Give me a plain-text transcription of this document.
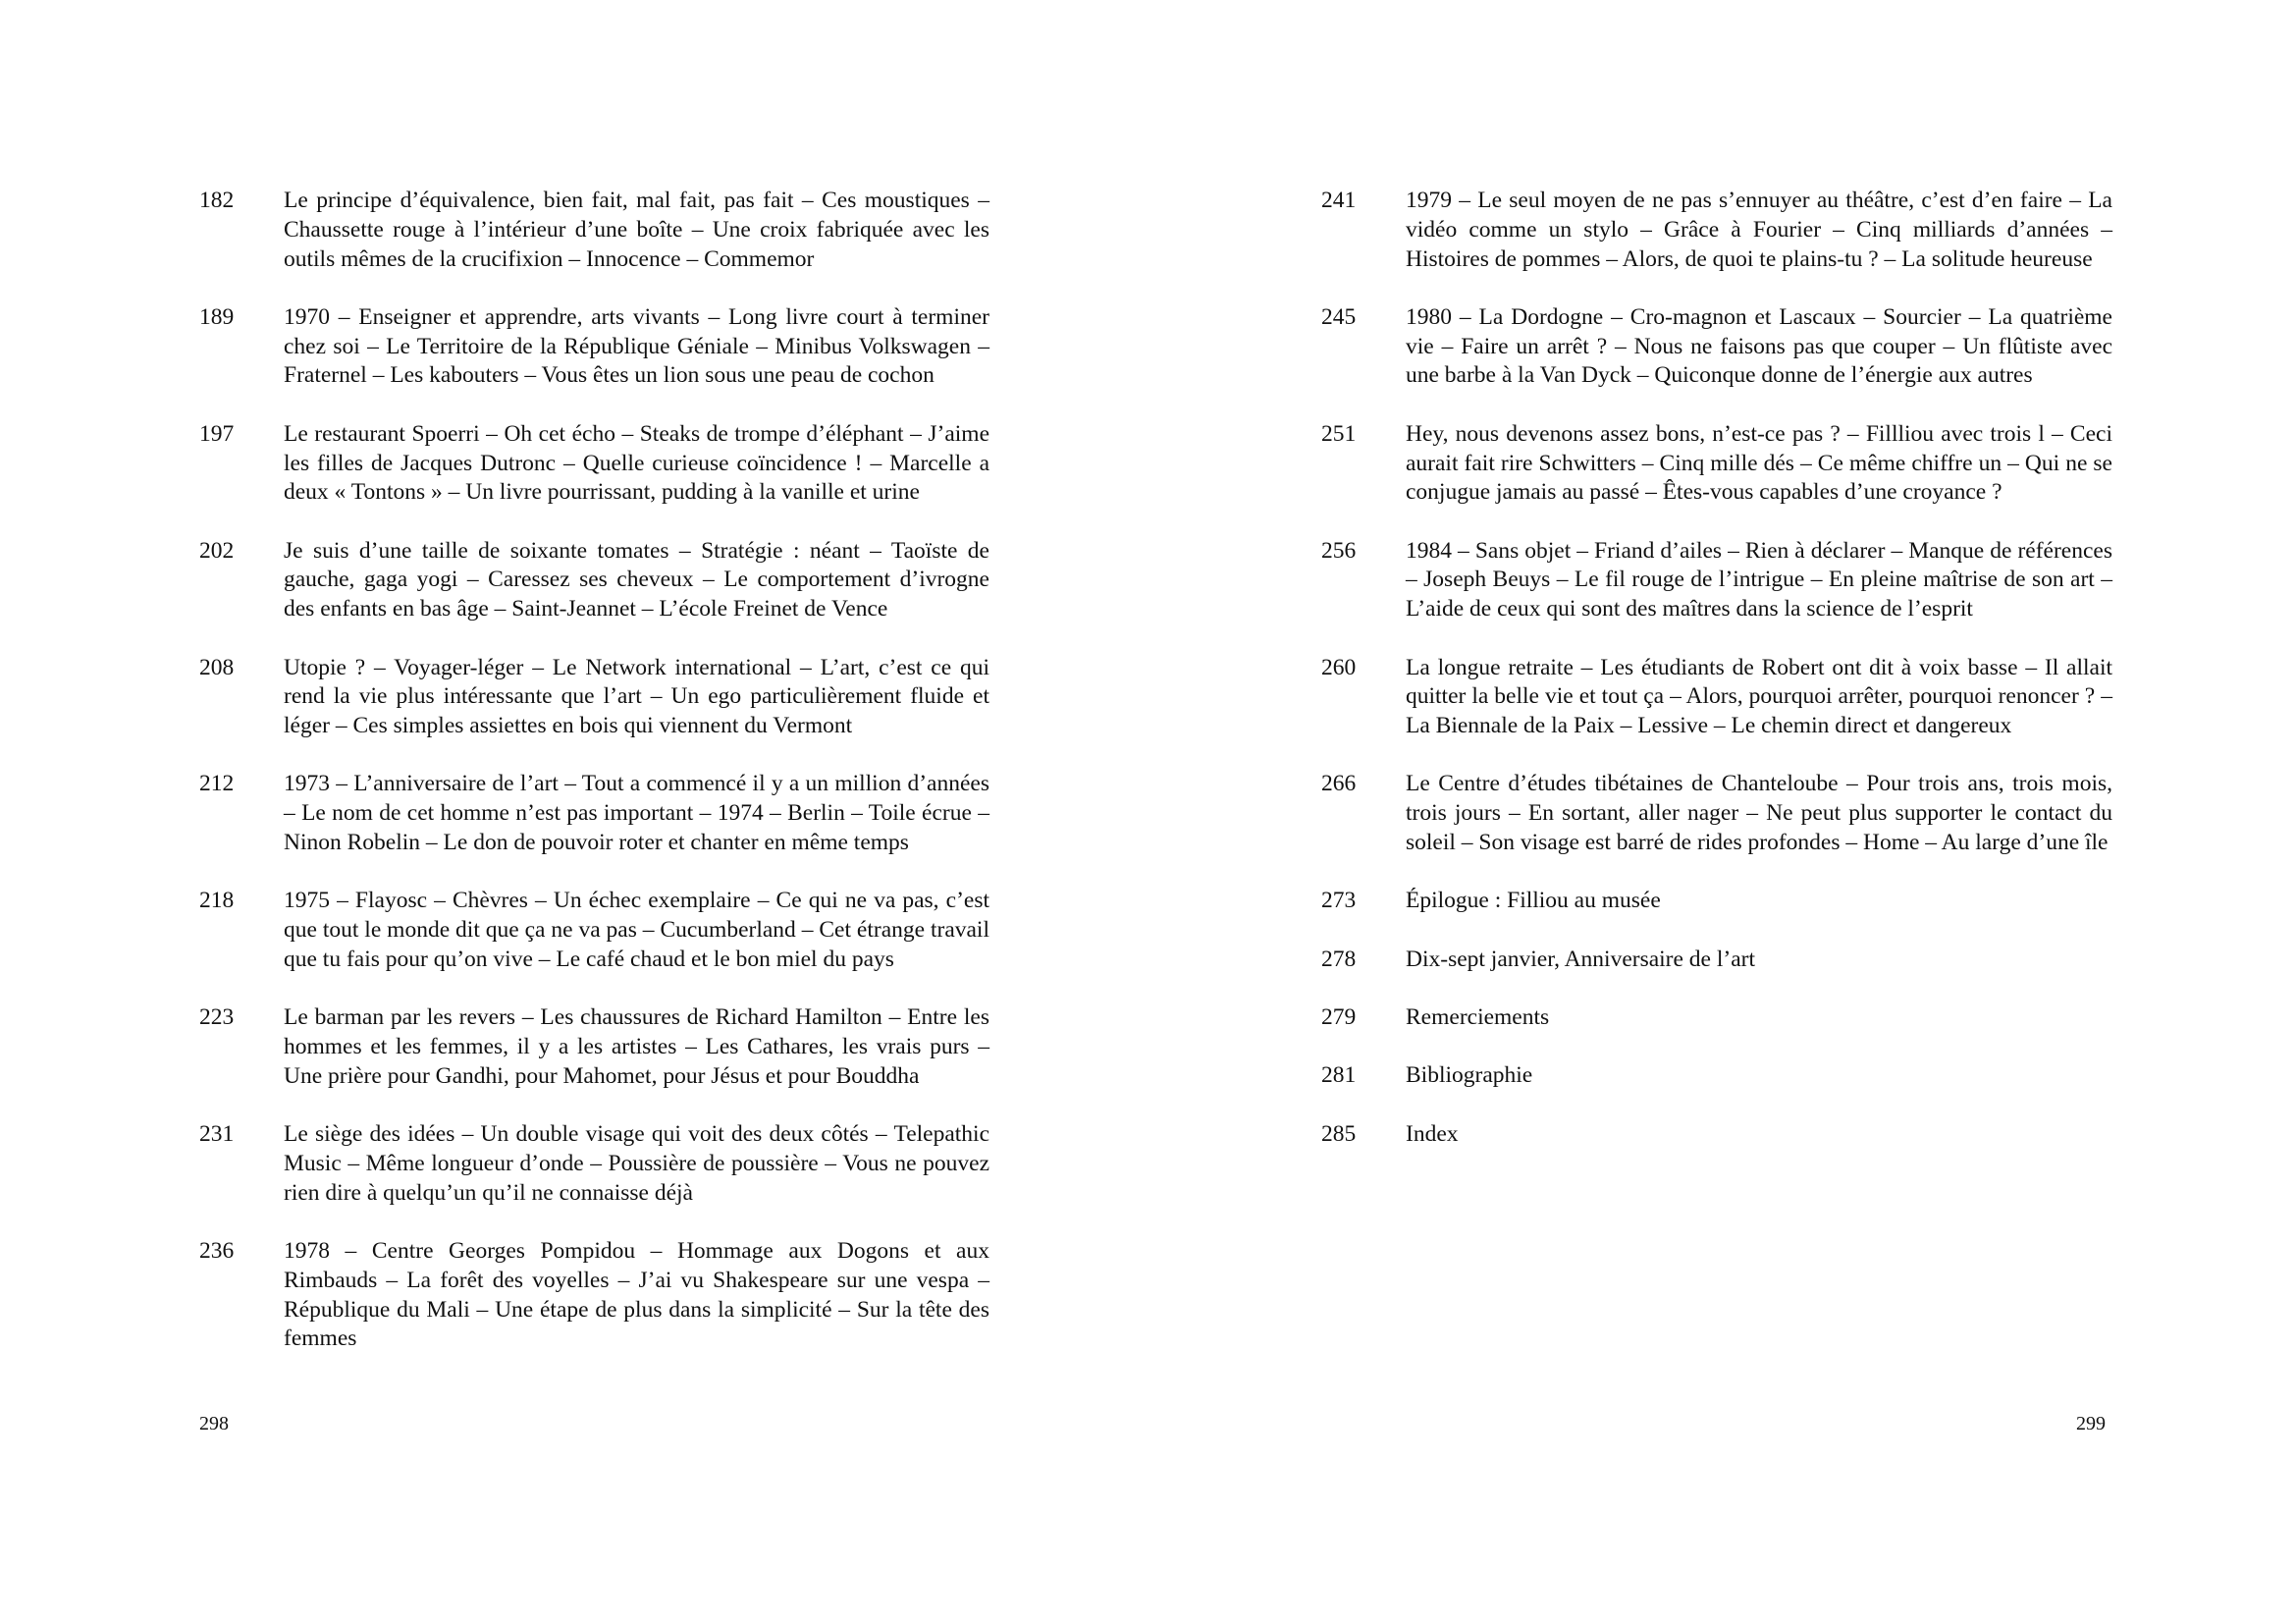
182	Le principe d’équivalence, bien fait, mal fait, pas fait – Ces moustiques – Chaussette rouge à l’intérieur d’une boîte – Une croix fabriquée avec les outils mêmes de la crucifixion – Innocence – Commemor
189	1970 – Enseigner et apprendre, arts vivants – Long livre court à terminer chez soi – Le Territoire de la République Géniale – Minibus Volkswagen – Fraternel – Les kabouters – Vous êtes un lion sous une peau de cochon
197	Le restaurant Spoerri – Oh cet écho – Steaks de trompe d’éléphant – J’aime les filles de Jacques Dutronc – Quelle curieuse coïncidence ! – Marcelle a deux « Tontons » – Un livre pourrissant, pudding à la vanille et urine
202	Je suis d’une taille de soixante tomates – Stratégie : néant – Taoïste de gauche, gaga yogi – Caressez ses cheveux – Le comportement d’ivrogne des enfants en bas âge – Saint-Jeannet – L’école Freinet de Vence
208	Utopie ? – Voyager-léger – Le Network international – L’art, c’est ce qui rend la vie plus intéressante que l’art – Un ego particulièrement fluide et léger – Ces simples assiettes en bois qui viennent du Vermont
212	1973 – L’anniversaire de l’art – Tout a commencé il y a un million d’années – Le nom de cet homme n’est pas important – 1974 – Berlin – Toile écrue – Ninon Robelin – Le don de pouvoir roter et chanter en même temps
218	1975 – Flayosc – Chèvres – Un échec exemplaire – Ce qui ne va pas, c’est que tout le monde dit que ça ne va pas – Cucumberland – Cet étrange travail que tu fais pour qu’on vive – Le café chaud et le bon miel du pays
223	Le barman par les revers – Les chaussures de Richard Hamilton – Entre les hommes et les femmes, il y a les artistes – Les Cathares, les vrais purs – Une prière pour Gandhi, pour Mahomet, pour Jésus et pour Bouddha
231	Le siège des idées – Un double visage qui voit des deux côtés – Telepathic Music – Même longueur d’onde – Poussière de poussière – Vous ne pouvez rien dire à quelqu’un qu’il ne connaisse déjà
236	1978 – Centre Georges Pompidou – Hommage aux Dogons et aux Rimbauds – La forêt des voyelles – J’ai vu Shakespeare sur une vespa – République du Mali – Une étape de plus dans la simplicité – Sur la tête des femmes
298
241	1979 – Le seul moyen de ne pas s’ennuyer au théâtre, c’est d’en faire – La vidéo comme un stylo – Grâce à Fourier – Cinq milliards d’années – Histoires de pommes – Alors, de quoi te plains-tu ? – La solitude heureuse
245	1980 – La Dordogne – Cro-magnon et Lascaux – Sourcier – La quatrième vie – Faire un arrêt ? – Nous ne faisons pas que couper – Un flûtiste avec une barbe à la Van Dyck – Quiconque donne de l’énergie aux autres
251	Hey, nous devenons assez bons, n’est-ce pas ? – Fillliou avec trois l – Ceci aurait fait rire Schwitters – Cinq mille dés – Ce même chiffre un – Qui ne se conjugue jamais au passé – Êtes-vous capables d’une croyance ?
256	1984 – Sans objet – Friand d’ailes – Rien à déclarer – Manque de références – Joseph Beuys – Le fil rouge de l’intrigue – En pleine maîtrise de son art – L’aide de ceux qui sont des maîtres dans la science de l’esprit
260	La longue retraite – Les étudiants de Robert ont dit à voix basse – Il allait quitter la belle vie et tout ça – Alors, pourquoi arrêter, pourquoi renoncer ? – La Biennale de la Paix – Lessive – Le chemin direct et dangereux
266	Le Centre d’études tibétaines de Chanteloube – Pour trois ans, trois mois, trois jours – En sortant, aller nager – Ne peut plus supporter le contact du soleil – Son visage est barré de rides profondes – Home – Au large d’une île
273	Épilogue : Filliou au musée
278	Dix-sept janvier, Anniversaire de l’art
279	Remerciements
281	Bibliographie
285	Index
299
